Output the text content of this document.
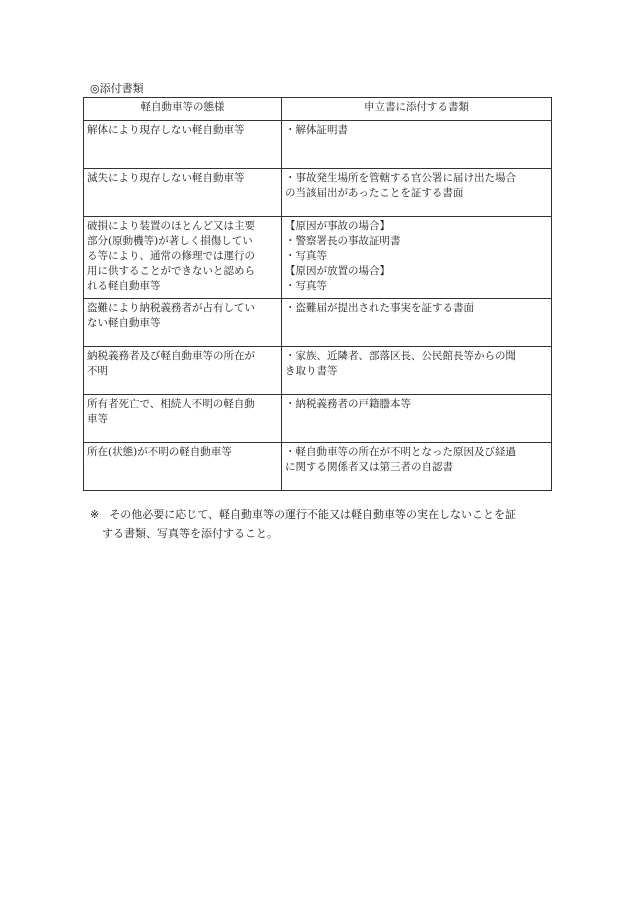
◎添付書類
軽自動車等の態様	申立書に添付する書類

解体により現存しない軽自動車等	・解体証明書

滅失により現存しない軽自動車等	・事故発生場所を管轄する官公署に届け出た場合
の当該届出があったことを証する書面

破損により装置のほとんど又は主要
部分(原動機等)が著しく損傷してい
る等により、通常の修理では運行の
用に供することができないと認めら
れる軽自動車等	【原因が事故の場合】
・警察署長の事故証明書
・写真等
【原因が放置の場合】
・写真等

盗難により納税義務者が占有してい
ない軽自動車等	・盗難届が提出された事実を証する書面

納税義務者及び軽自動車等の所在が
不明	・家族、近隣者、部落区長、公民館長等からの聞
き取り書等

所有者死亡で、相続人不明の軽自動
車等	・納税義務者の戸籍謄本等

所在(状態)が不明の軽自動車等	・軽自動車等の所在が不明となった原因及び経過
に関する関係者又は第三者の自認書
※ その他必要に応じて、軽自動車等の運行不能又は軽自動車等の実在しないことを証
する書類、写真等を添付すること。
